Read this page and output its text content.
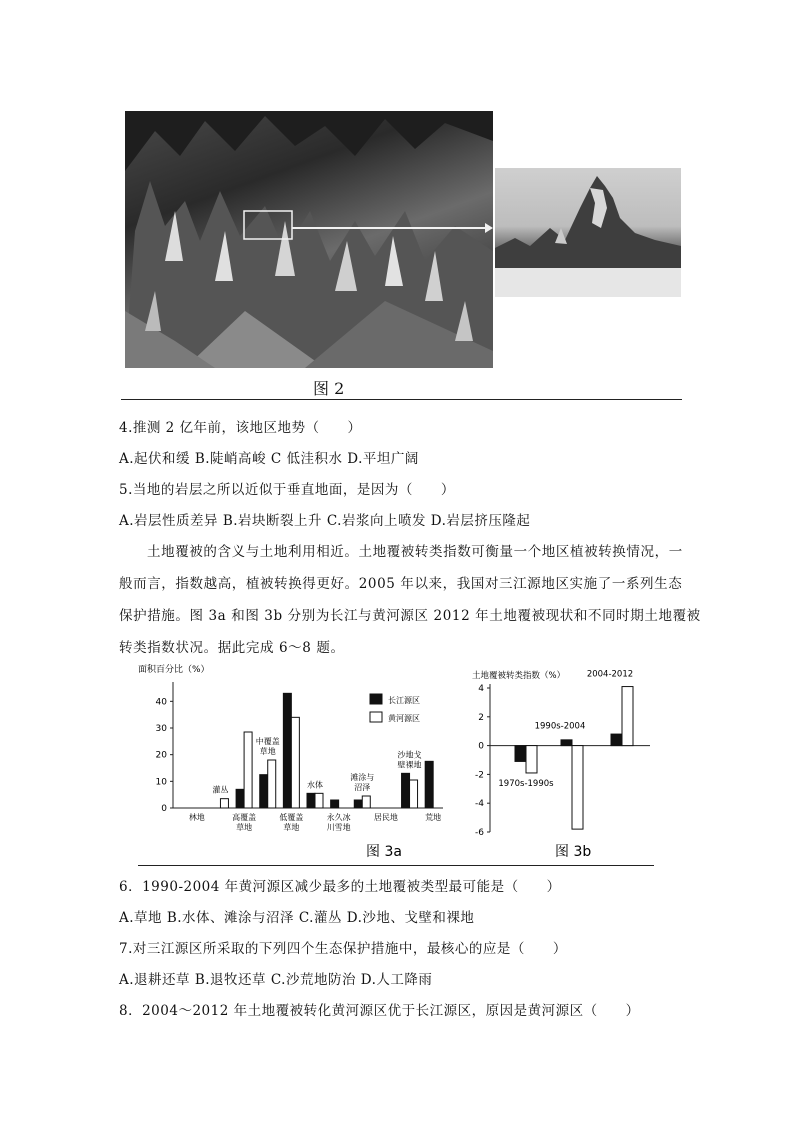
图 2
4.推测 2 亿年前，该地区地势（　　）
A.起伏和缓 B.陡峭高峻 C 低洼积水 D.平坦广阔
5.当地的岩层之所以近似于垂直地面，是因为（　　）
A.岩层性质差异 B.岩块断裂上升 C.岩浆向上喷发 D.岩层挤压隆起
土地覆被的含义与土地利用相近。土地覆被转类指数可衡量一个地区植被转换情况，一
般而言，指数越高，植被转换得更好。2005 年以来，我国对三江源地区实施了一系列生态
保护措施。图 3a 和图 3b 分别为长江与黄河源区 2012 年土地覆被现状和不同时期土地覆被
转类指数状况。据此完成 6～8 题。
面积百分比（%）
0
10
20
30
40
林地
灌丛
高覆盖
草地
中覆盖
草地
低覆盖
草地
水体
永久冰
川雪地
滩涂与
沼泽
居民地
沙地戈
壁裸地
荒地
长江源区
黄河源区
图 3a
土地覆被转类指数（%）
4
2
0
-2
-4
-6
1970s-1990s
1990s-2004
2004-2012
图 3b
6．1990-2004 年黄河源区减少最多的土地覆被类型最可能是（　　）
A.草地 B.水体、滩涂与沼泽 C.灌丛 D.沙地、戈壁和裸地
7.对三江源区所采取的下列四个生态保护措施中，最核心的应是（　　）
A.退耕还草 B.退牧还草 C.沙荒地防治 D.人工降雨
8．2004～2012 年土地覆被转化黄河源区优于长江源区，原因是黄河源区（　　）
